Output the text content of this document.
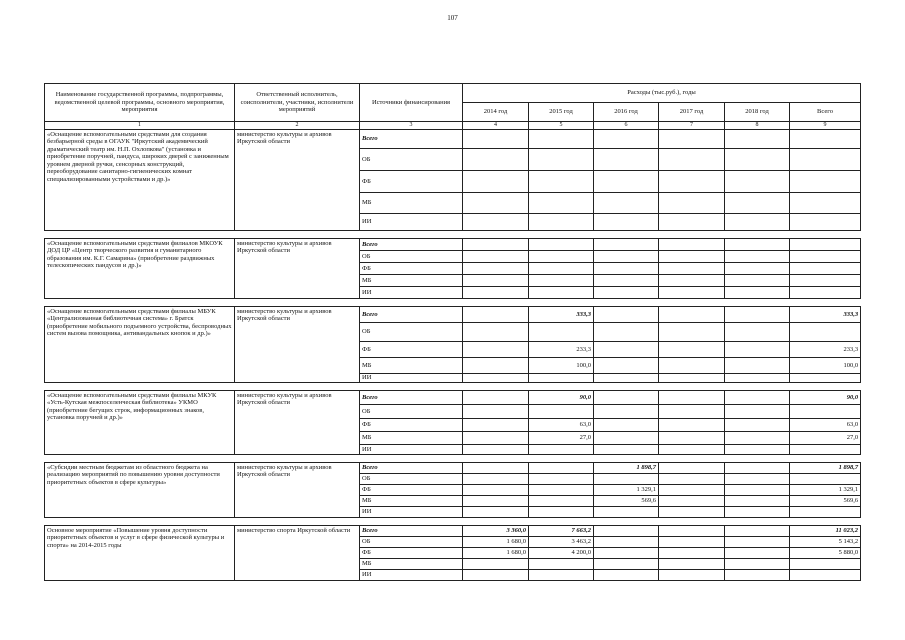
107
Наименование государственной программы, подпрограммы, ведомственной целевой программы, основного мероприятия, мероприятия	Ответственный исполнитель, соисполнители, участники, исполнители мероприятий	Источники финансирования	Расходы (тыс.руб.), годы					
			2014 год	2015 год	2016 год	2017 год	2018 год	Всего
1	2	3	4	5	6	7	8	9
«Оснащение вспомогательными средствами для создания безбарьерной среды в ОГАУК "Иркутский академический драматический театр им. Н.П. Охлопкова" (установка и приобретение поручней, пандуса, широких дверей с заниженным уровнем дверной ручки, сенсорных конструкций, переоборудование санитарно-гигиенических комнат специализированными устройствами и др.)»	министерство культуры и архивов Иркутской области	Всего						
		ОБ						
		ФБ						
		МБ						
		ИИ						

«Оснащение вспомогательными средствами филиалов МКОУК ДОД ЦР «Центр творческого развития и гуманитарного образования им. К.Г. Самарина» (приобретение раздвижных телескопических пандусов и др.)»	министерство культуры и архивов Иркутской области	Всего						
		ОБ						
		ФБ						
		МБ						
		ИИ						

«Оснащение вспомогательными средствами филиалы МБУК «Централизованная библиотечная система» г. Братск (приобретение мобильного подъемного устройства, беспроводных систем вызова помощника, антивандальных кнопок и др.)»	министерство культуры и архивов Иркутской области	Всего		333,3				333,3
		ОБ						
		ФБ		233,3				233,3
		МБ		100,0				100,0
		ИИ						

«Оснащение вспомогательными средствами филиалы МКУК «Усть-Кутская межпоселенческая библиотека» УКМО (приобретение бегущих строк, информационных знаков, установка поручней и др.)»	министерство культуры и архивов Иркутской области	Всего		90,0				90,0
		ОБ						
		ФБ		63,0				63,0
		МБ		27,0				27,0
		ИИ						

«Субсидии местным бюджетам из областного бюджета на реализацию мероприятий по повышению уровня доступности приоритетных объектов в сфере культуры»	министерство культуры и архивов Иркутской области	Всего			1 898,7			1 898,7
		ОБ						
		ФБ			1 329,1			1 329,1
		МБ			569,6			569,6
		ИИ						

Основное мероприятие «Повышение уровня доступности приоритетных объектов и услуг в сфере физической культуры и спорта» на 2014-2015 годы	министерство спорта Иркутской области	Всего	3 360,0	7 663,2				11 023,2
		ОБ	1 680,0	3 463,2				5 143,2
		ФБ	1 680,0	4 200,0				5 880,0
		МБ						
		ИИ						
